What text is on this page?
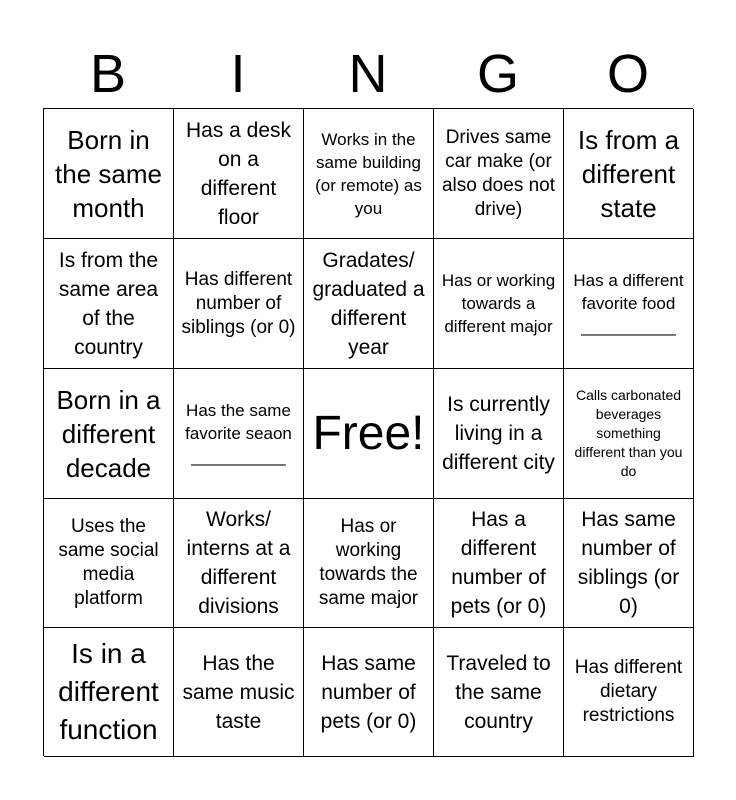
B	I	N	G	O
Born in the same month
Has a desk on a different floor
Works in the same building (or remote) as you
Drives same car make (or also does not drive)
Is from a different state
Is from the same area of the country
Has different number of siblings (or 0)
Gradates/ graduated a different year
Has or working towards a different major
Has a different favorite food __________
Born in a different decade
Has the same favorite seaon __________ Free!
Is currently living in a different city
Calls carbonated beverages something different than you do
Uses the same social media platform
Works/ interns at a different divisions
Has or working towards the same major
Has a different number of pets (or 0)
Has same number of siblings (or 0)
Is in a different function
Has the same music taste
Has same number of pets (or 0)
Traveled to the same country
Has different dietary restrictions
